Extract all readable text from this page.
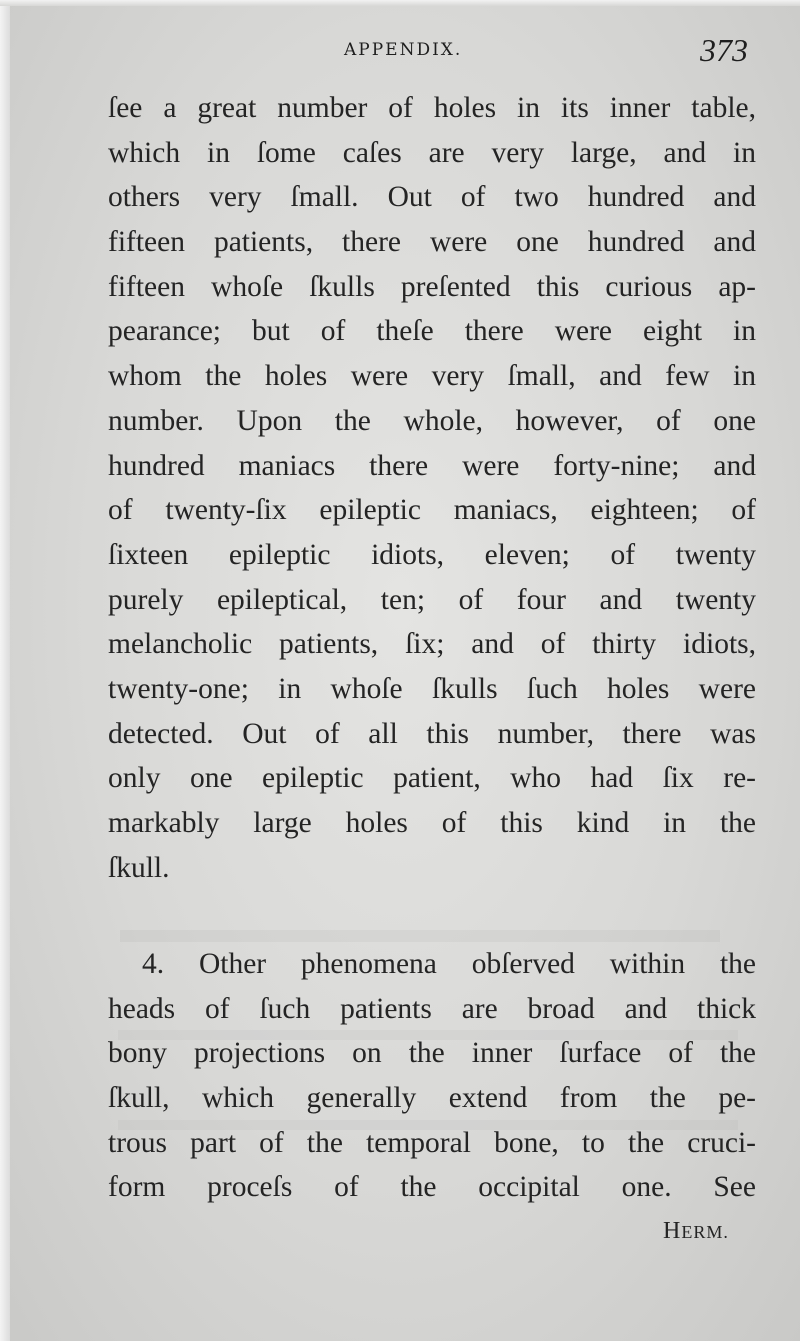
APPENDIX.	373
ſee a great number of holes in its inner table,
which in ſome caſes are very large, and in
others very ſmall. Out of two hundred and
fifteen patients, there were one hundred and
fifteen whoſe ſkulls preſented this curious ap-
pearance; but of theſe there were eight in
whom the holes were very ſmall, and few in
number. Upon the whole, however, of one
hundred maniacs there were forty-nine; and
of twenty-ſix epileptic maniacs, eighteen; of
ſixteen epileptic idiots, eleven; of twenty
purely epileptical, ten; of four and twenty
melancholic patients, ſix; and of thirty idiots,
twenty-one; in whoſe ſkulls ſuch holes were
detected. Out of all this number, there was
only one epileptic patient, who had ſix re-
markably large holes of this kind in the
ſkull.
4. Other phenomena obſerved within the
heads of ſuch patients are broad and thick
bony projections on the inner ſurface of the
ſkull, which generally extend from the pe-
trous part of the temporal bone, to the cruci-
form proceſs of the occipital one. See
HERM.
